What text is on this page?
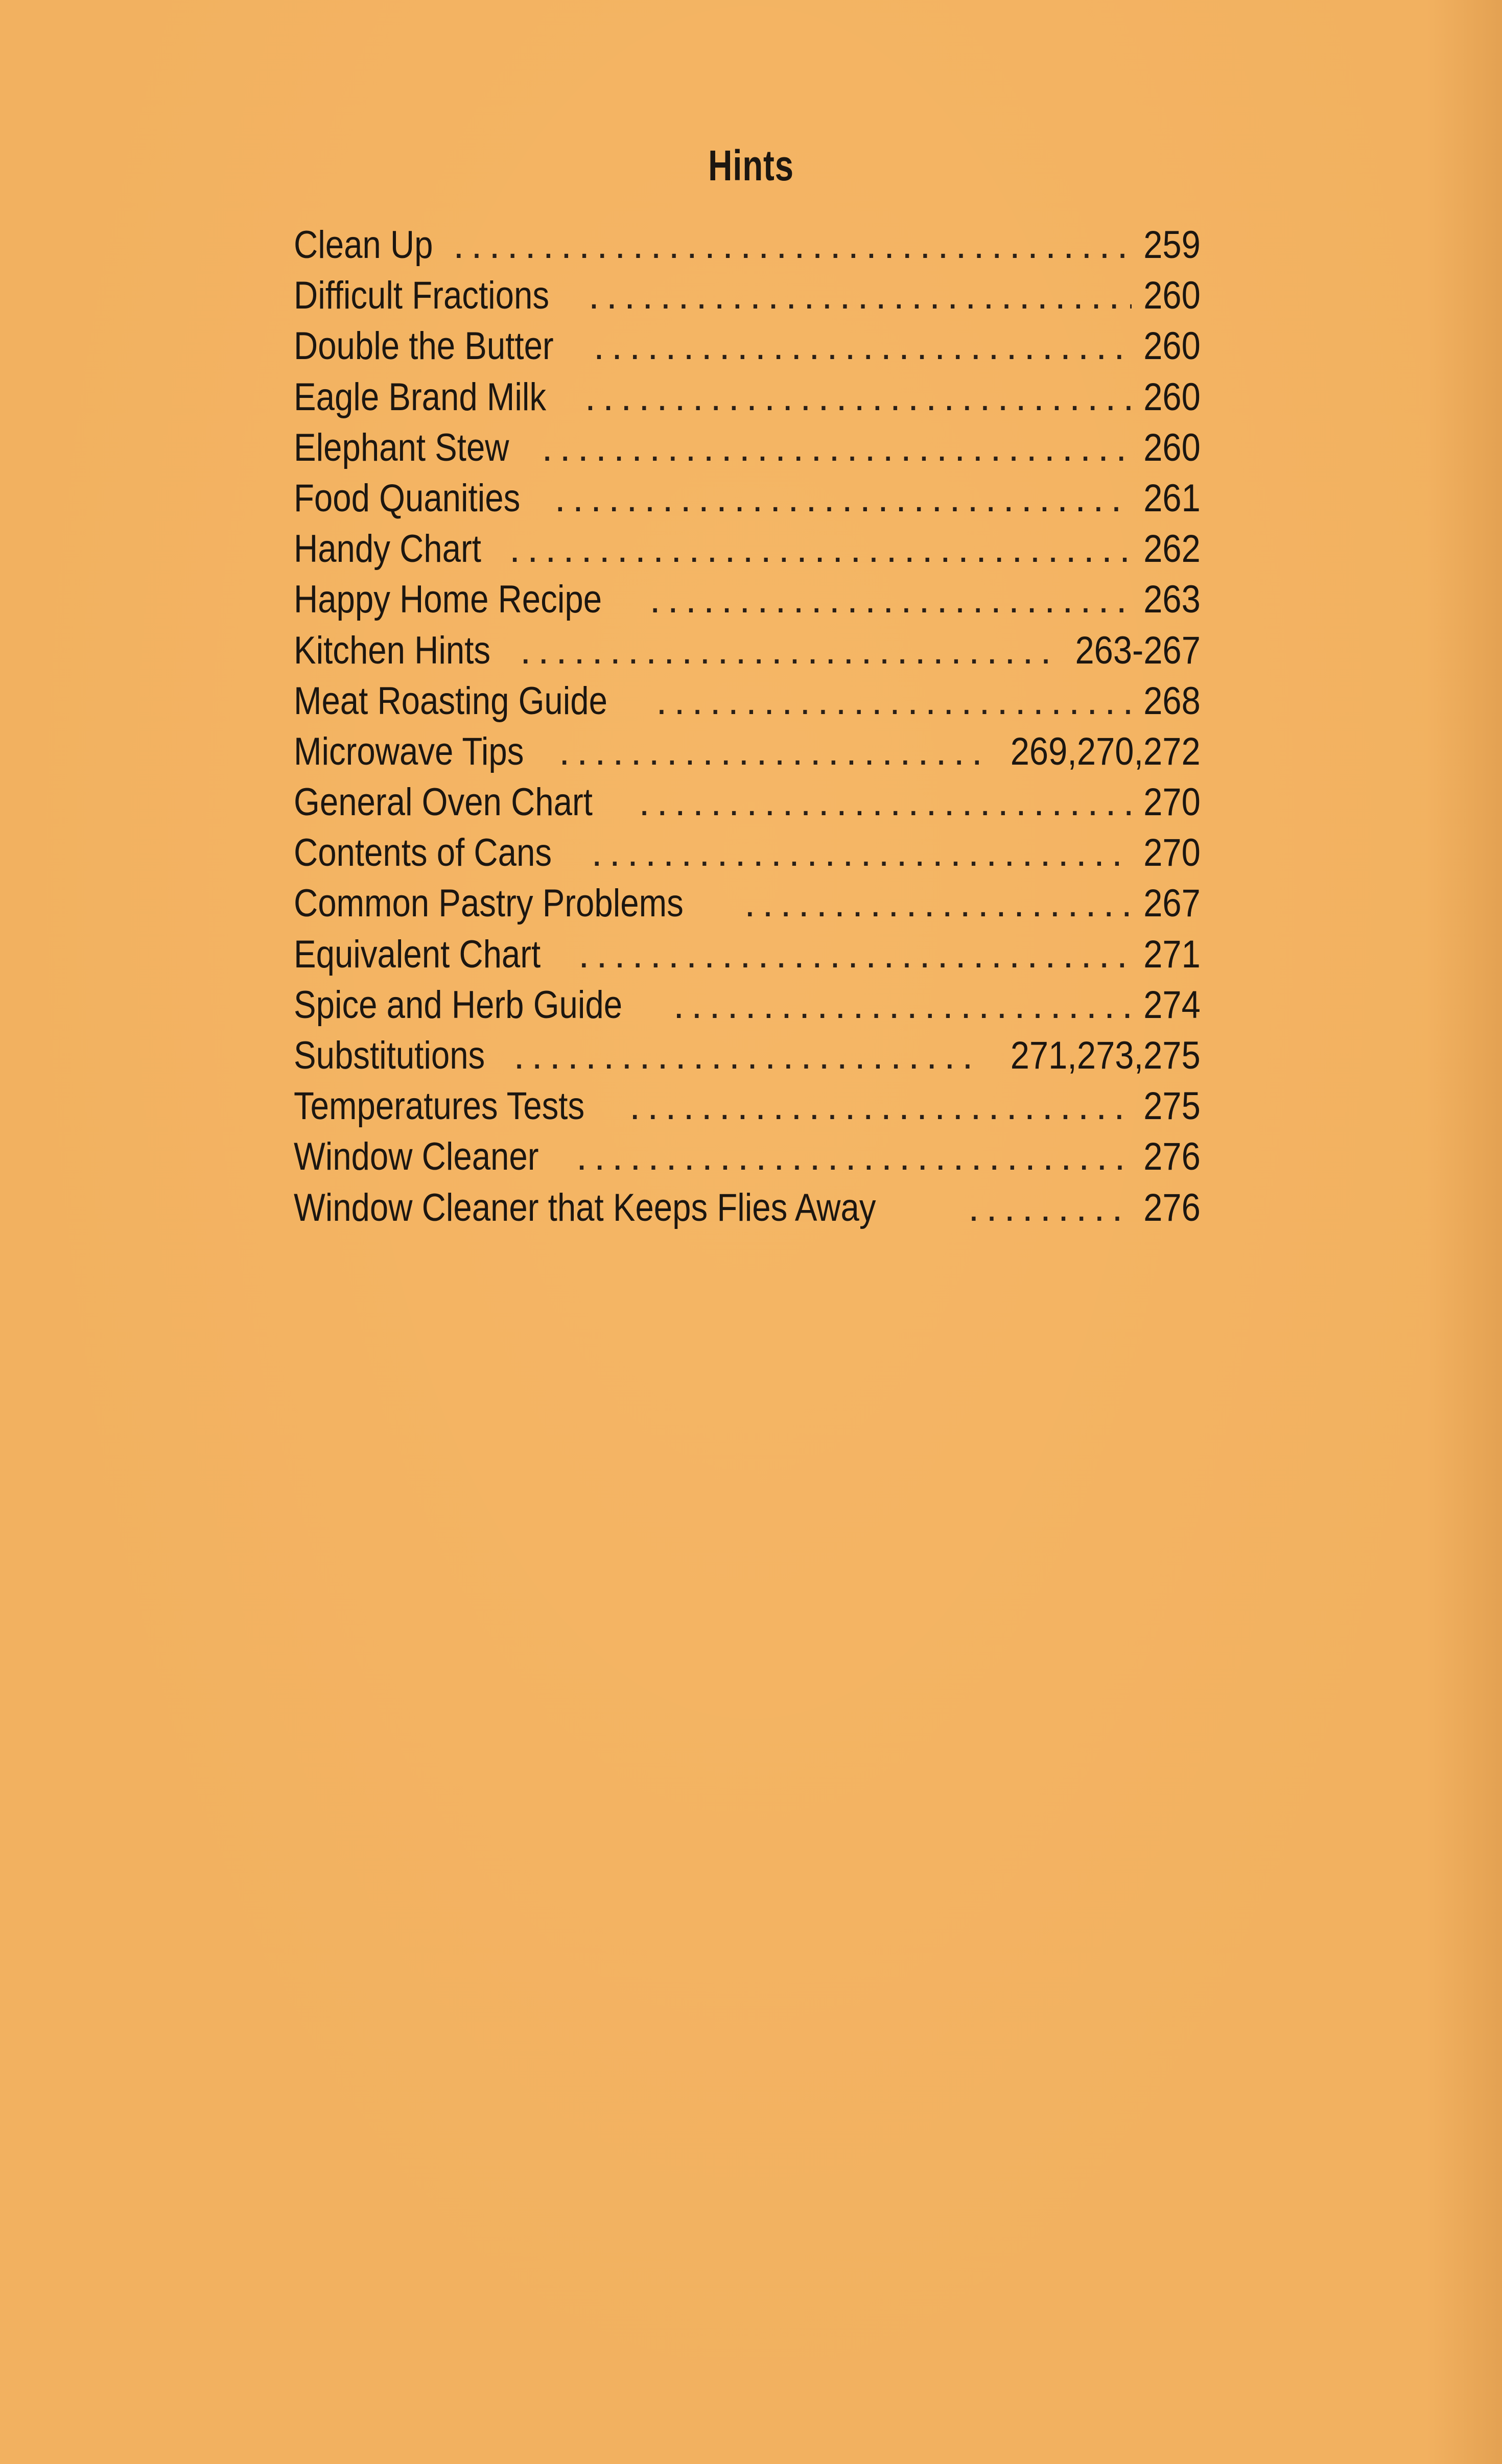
Hints
Clean Up .....	259
Difficult Fractions .....	260
Double the Butter .....	260
Eagle Brand Milk .....	260
Elephant Stew .....	260
Food Quanities .....	261
Handy Chart .....	262
Happy Home Recipe .....	263
Kitchen Hints .....	263-267
Meat Roasting Guide .....	268
Microwave Tips .....	269,270,272
General Oven Chart .....	270
Contents of Cans .....	270
Common Pastry Problems .....	267
Equivalent Chart .....	271
Spice and Herb Guide .....	274
Substitutions .....	271,273,275
Temperatures Tests .....	275
Window Cleaner .....	276
Window Cleaner that Keeps Flies Away .....	276
